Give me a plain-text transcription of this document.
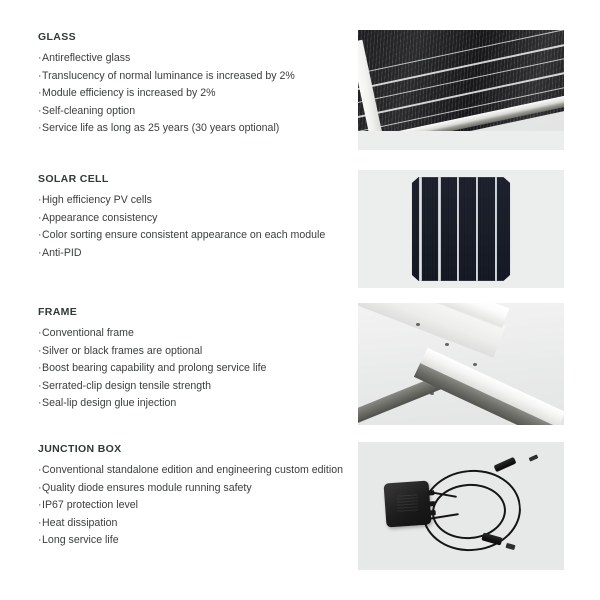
GLASS
· Antireflective glass
· Translucency of normal luminance is increased by 2%
· Module efficiency is increased by 2%
· Self-cleaning option
· Service life as long as 25 years (30 years optional)
SOLAR CELL
· High efficiency PV cells
· Appearance consistency
· Color sorting ensure consistent appearance on each module
· Anti-PID
FRAME
· Conventional frame
· Silver or black frames are optional
· Boost bearing capability and prolong service life
· Serrated-clip design tensile strength
· Seal-lip design glue injection
JUNCTION BOX
· Conventional standalone edition and engineering custom edition
· Quality diode ensures module running safety
· IP67 protection level
· Heat dissipation
· Long service life
